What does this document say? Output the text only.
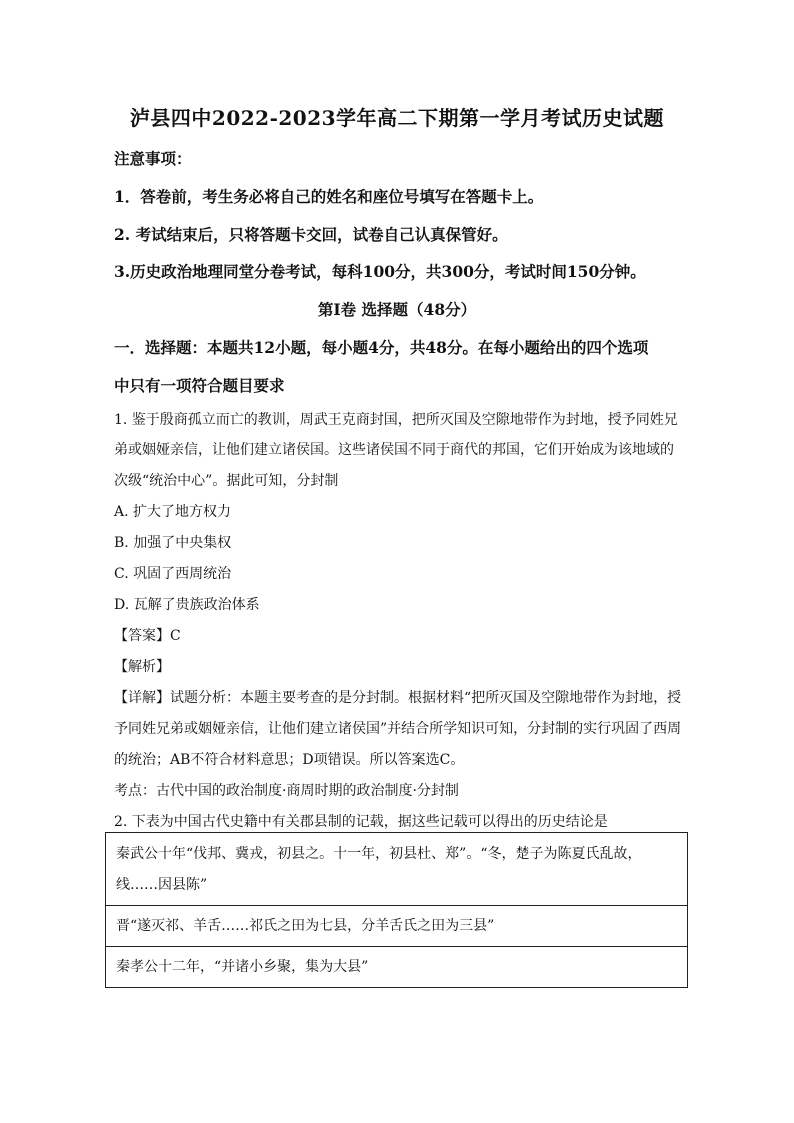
泸县四中2022-2023学年高二下期第一学月考试历史试题
注意事项：
1．答卷前，考生务必将自己的姓名和座位号填写在答题卡上。
2. 考试结束后，只将答题卡交回，试卷自己认真保管好。
3.历史政治地理同堂分卷考试，每科100分，共300分，考试时间150分钟。
第I卷 选择题（48分）
一．选择题：本题共12小题，每小题4分，共48分。在每小题给出的四个选项
中只有一项符合题目要求
1. 鉴于殷商孤立而亡的教训，周武王克商封国，把所灭国及空隙地带作为封地，授予同姓兄
弟或姻娅亲信，让他们建立诸侯国。这些诸侯国不同于商代的邦国，它们开始成为该地域的
次级“统治中心”。据此可知，分封制
A. 扩大了地方权力
B. 加强了中央集权
C. 巩固了西周统治
D. 瓦解了贵族政治体系
【答案】C
【解析】
【详解】试题分析：本题主要考查的是分封制。根据材料“把所灭国及空隙地带作为封地，授
予同姓兄弟或姻娅亲信，让他们建立诸侯国”并结合所学知识可知，分封制的实行巩固了西周
的统治；AB不符合材料意思；D项错误。所以答案选C。
考点：古代中国的政治制度·商周时期的政治制度·分封制
2. 下表为中国古代史籍中有关郡县制的记载，据这些记载可以得出的历史结论是
秦武公十年“伐邦、冀戎，初县之。十一年，初县杜、郑”。“冬，楚子为陈夏氏乱故，
线……因县陈”

晋“遂灭祁、羊舌……祁氏之田为七县，分羊舌氏之田为三县”
秦孝公十二年，“并诸小乡聚，集为大县”
